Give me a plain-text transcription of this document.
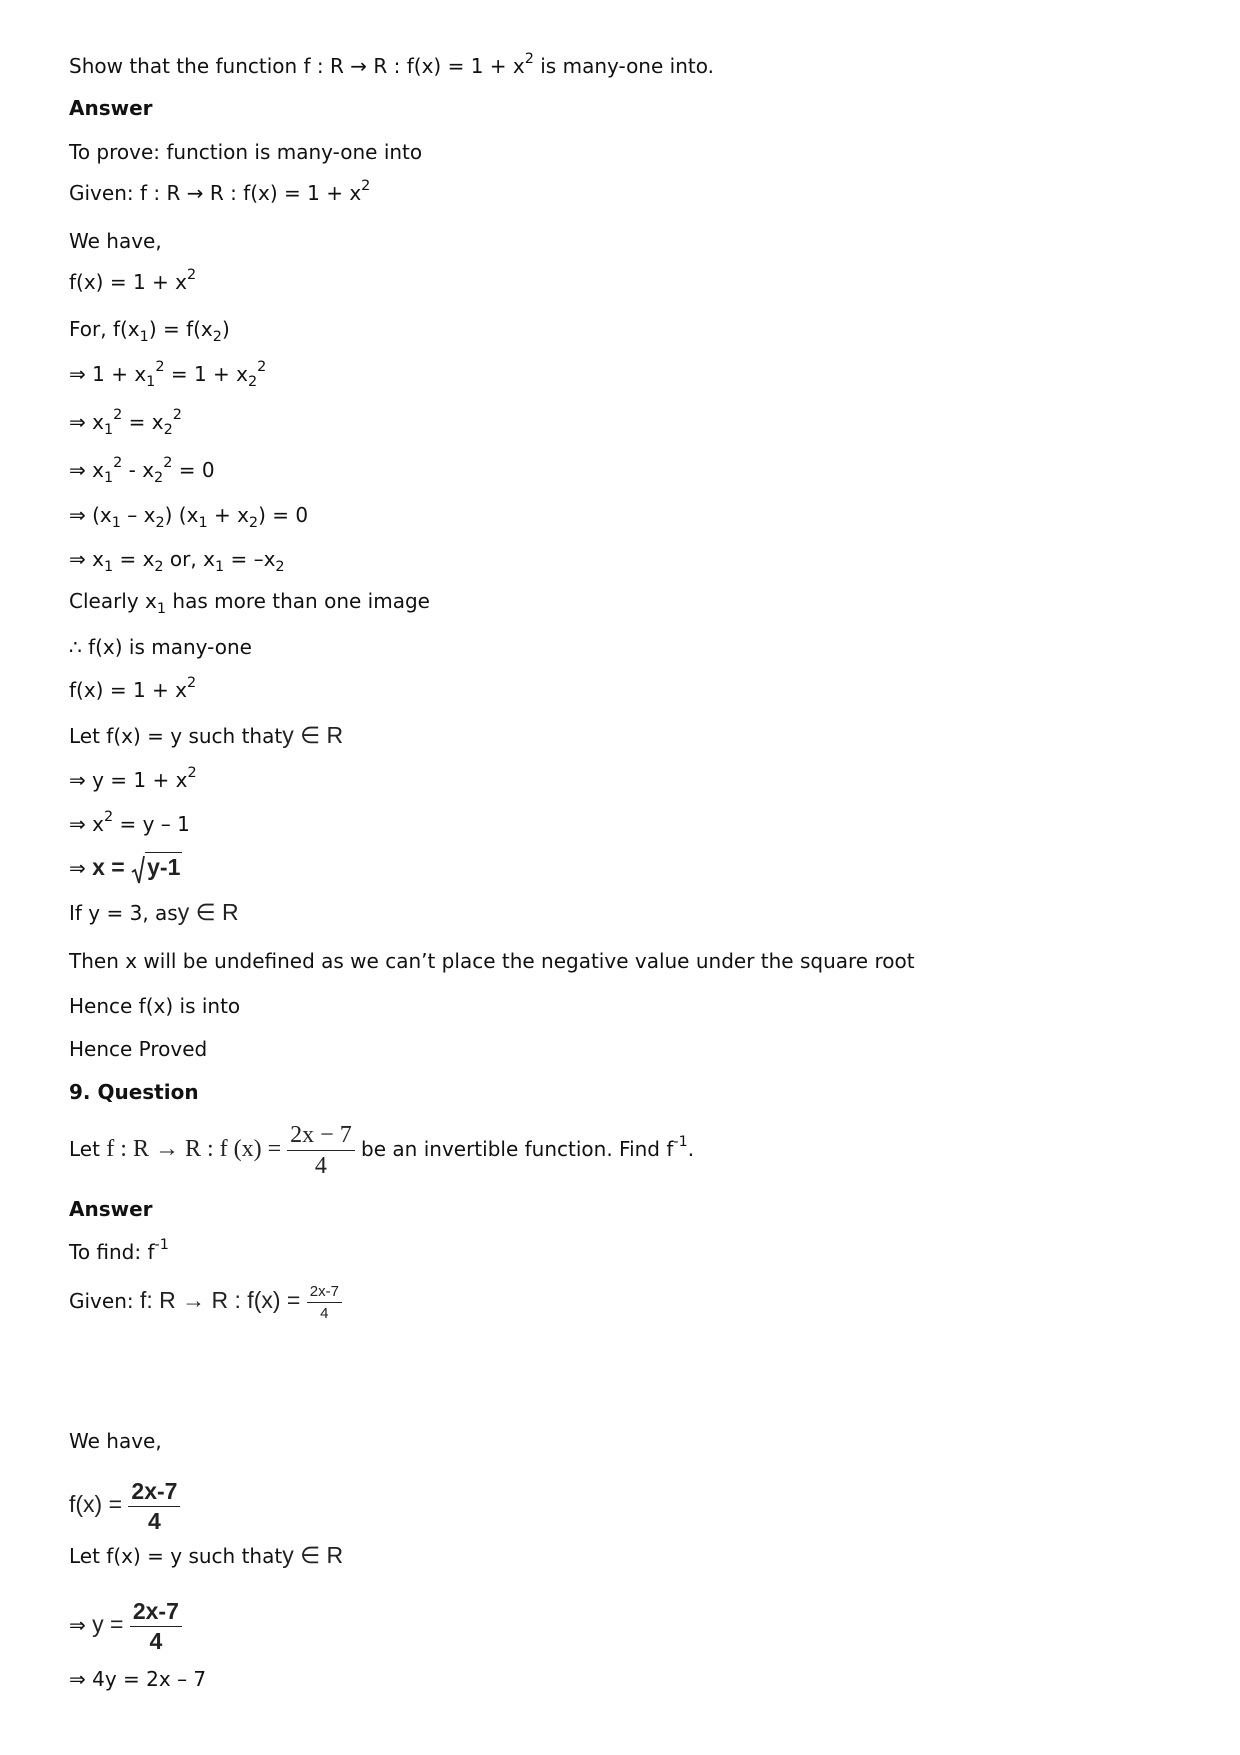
Show that the function f : R → R : $f(x) = 1 + x^2$ is many-one into.
Answer
To prove: function is many-one into
Given: f : R → R : $f(x) = 1 + x^2$
We have,
$f(x) = 1 + x^2$
For, $f(x_1) = f(x_2)$
⇒ $1 + x_1^2 = 1 + x_2^2$
⇒ $x_1^2 = x_2^2$
⇒ $x_1^2 - x_2^2 = 0$
⇒ $(x_1 - x_2) (x_1 + x_2) = 0$
⇒ $x_1 = x_2$ or, $x_1 = -x_2$
Clearly $x_1$ has more than one image
∴ f(x) is many-one
$f(x) = 1 + x^2$
Let f(x) = y such thaty ∈ R
⇒ $y = 1 + x^2$
⇒ $x^2 = y - 1$
⇒ x = y-1
If y = 3, asy ∈ R
Then x will be undefined as we can’t place the negative value under the square root
Hence f(x) is into
Hence Proved
9. Question
Let f : R → R : f $(x) = \frac{2x - 7}{4}$ be an invertible function. Find $f^{-1}$.
Answer
To find: $f^{-1}$
Given: f: R → R : $f(x) = \frac{2x-7}{4}$
We have,
$f(x) = \frac{2x-7}{4}$
Let f(x) = y such thaty ∈ R
⇒ $y = \frac{2x-7}{4}$
⇒ 4y = 2x – 7
